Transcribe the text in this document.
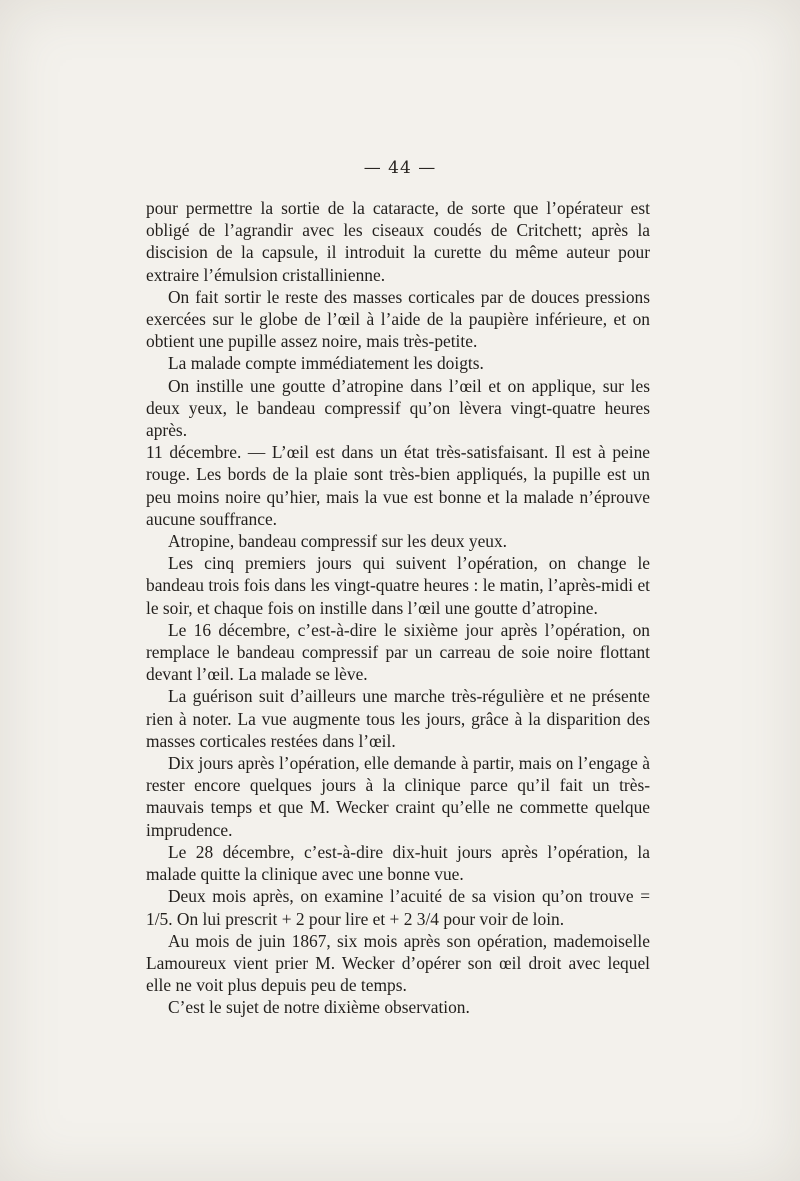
— 44 —

pour permettre la sortie de la cataracte, de sorte que l’opérateur est obligé de l’agrandir avec les ciseaux coudés de Critchett; après la discision de la capsule, il introduit la curette du même auteur pour extraire l’émulsion cristallinienne.

On fait sortir le reste des masses corticales par de douces pressions exercées sur le globe de l’œil à l’aide de la paupière inférieure, et on obtient une pupille assez noire, mais très-petite.

La malade compte immédiatement les doigts.

On instille une goutte d’atropine dans l’œil et on applique, sur les deux yeux, le bandeau compressif qu’on lèvera vingt-quatre heures après.

11 décembre. — L’œil est dans un état très-satisfaisant. Il est à peine rouge. Les bords de la plaie sont très-bien appliqués, la pupille est un peu moins noire qu’hier, mais la vue est bonne et la malade n’éprouve aucune souffrance.

Atropine, bandeau compressif sur les deux yeux.

Les cinq premiers jours qui suivent l’opération, on change le bandeau trois fois dans les vingt-quatre heures : le matin, l’après-midi et le soir, et chaque fois on instille dans l’œil une goutte d’atropine.

Le 16 décembre, c’est-à-dire le sixième jour après l’opération, on remplace le bandeau compressif par un carreau de soie noire flottant devant l’œil. La malade se lève.

La guérison suit d’ailleurs une marche très-régulière et ne présente rien à noter. La vue augmente tous les jours, grâce à la disparition des masses corticales restées dans l’œil.

Dix jours après l’opération, elle demande à partir, mais on l’engage à rester encore quelques jours à la clinique parce qu’il fait un très-mauvais temps et que M. Wecker craint qu’elle ne commette quelque imprudence.

Le 28 décembre, c’est-à-dire dix-huit jours après l’opération, la malade quitte la clinique avec une bonne vue.

Deux mois après, on examine l’acuité de sa vision qu’on trouve = 1/5. On lui prescrit + 2 pour lire et + 2 3/4 pour voir de loin.

Au mois de juin 1867, six mois après son opération, mademoiselle Lamoureux vient prier M. Wecker d’opérer son œil droit avec lequel elle ne voit plus depuis peu de temps.

C’est le sujet de notre dixième observation.
